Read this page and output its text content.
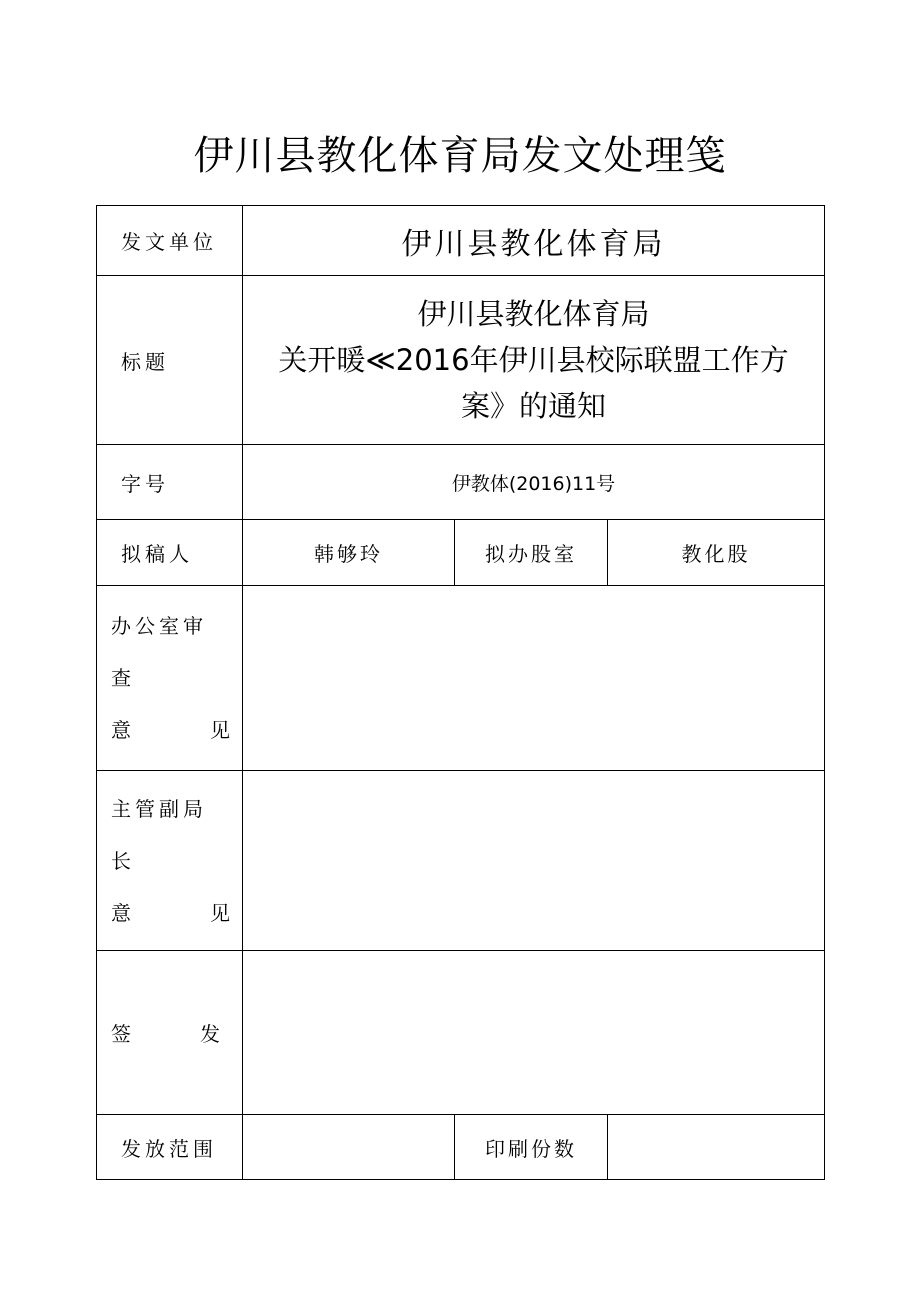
伊川县教化体育局发文处理笺
发文单位	伊川县教化体育局		
标题	伊川县教化体育局
关开暖≪2016年伊川县校际联盟工作方
案》的通知		

字号	伊教体(2016)11号		
拟稿人	韩够玲	拟办股室	教化股

办公室审查
意 见			

主管副局长
意 见			

签 发			

发放范围		印刷份数	
